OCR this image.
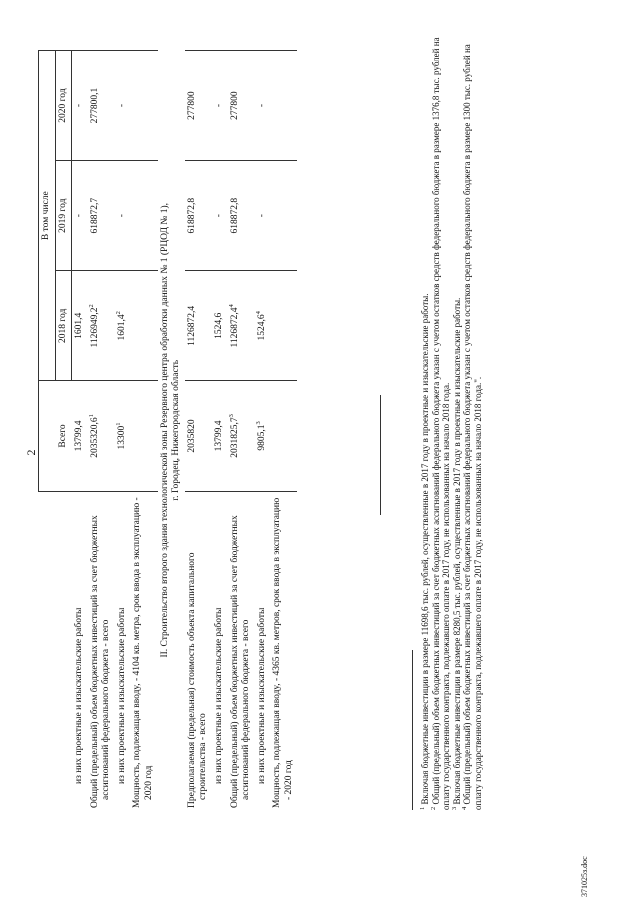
2
	Всего	В том числе		
		2018 год	2019 год	2020 год
из них проектные и изыскательские работы	13799,4	1601,4	-	-
Общий (предельный) объем бюджетных инвестиций за счет бюджетных ассигнований федерального бюджета - всего	2035320,6$^1$	1126949,2$^2$	618872,7	277800,1
из них проектные и изыскательские работы	13300$^1$	1601,4$^2$	-	-
Мощность, подлежащая вводу, - 4104 кв. метра, срок ввода в эксплуатацию - 2020 год				

II. Строительство второго здания технологической зоны Резервного центра обработки данных № 1 (РЦОД № 1), г. Городец, Нижегородская область				

Предполагаемая (предельная) стоимость объекта капитального строительства - всего	2035820	1126872,4	618872,8	277800
из них проектные и изыскательские работы	13799,4	1524,6	-	-
Общий (предельный) объем бюджетных инвестиций за счет бюджетных ассигнований федерального бюджета - всего	2031825,7$^3$	1126872,4$^4$	618872,8	277800
из них проектные и изыскательские работы	9805,1$^3$	1524,6$^4$	-	-
Мощность, подлежащая вводу, - 4365 кв. метров, срок ввода в эксплуатацию - 2020 год				

$^1$ Включая бюджетные инвестиции в размере 11698,6 тыс. рублей, осуществленные в 2017 году в проектные и изыскательские работы.

$^2$ Общий (предельный) объем бюджетных инвестиций за счет бюджетных ассигнований федерального бюджета указан с учетом остатков средств федерального бюджета в размере 1376,8 тыс. рублей на оплату государственного контракта, подлежавшего оплате в 2017 году, не использованных на начало 2018 года. $^3$ Включая бюджетные инвестиции в размере 8280,5 тыс. рублей, осуществленные в 2017 году в проектные и изыскательские работы.

$^4$ Общий (предельный) объем бюджетных инвестиций за счет бюджетных ассигнований федерального бюджета указан с учетом остатков средств федерального бюджета в размере 1300 тыс. рублей на оплату государственного контракта, подлежавшего оплате в 2017 году, не использованных на начало 2018 года.".

371025з.doc
